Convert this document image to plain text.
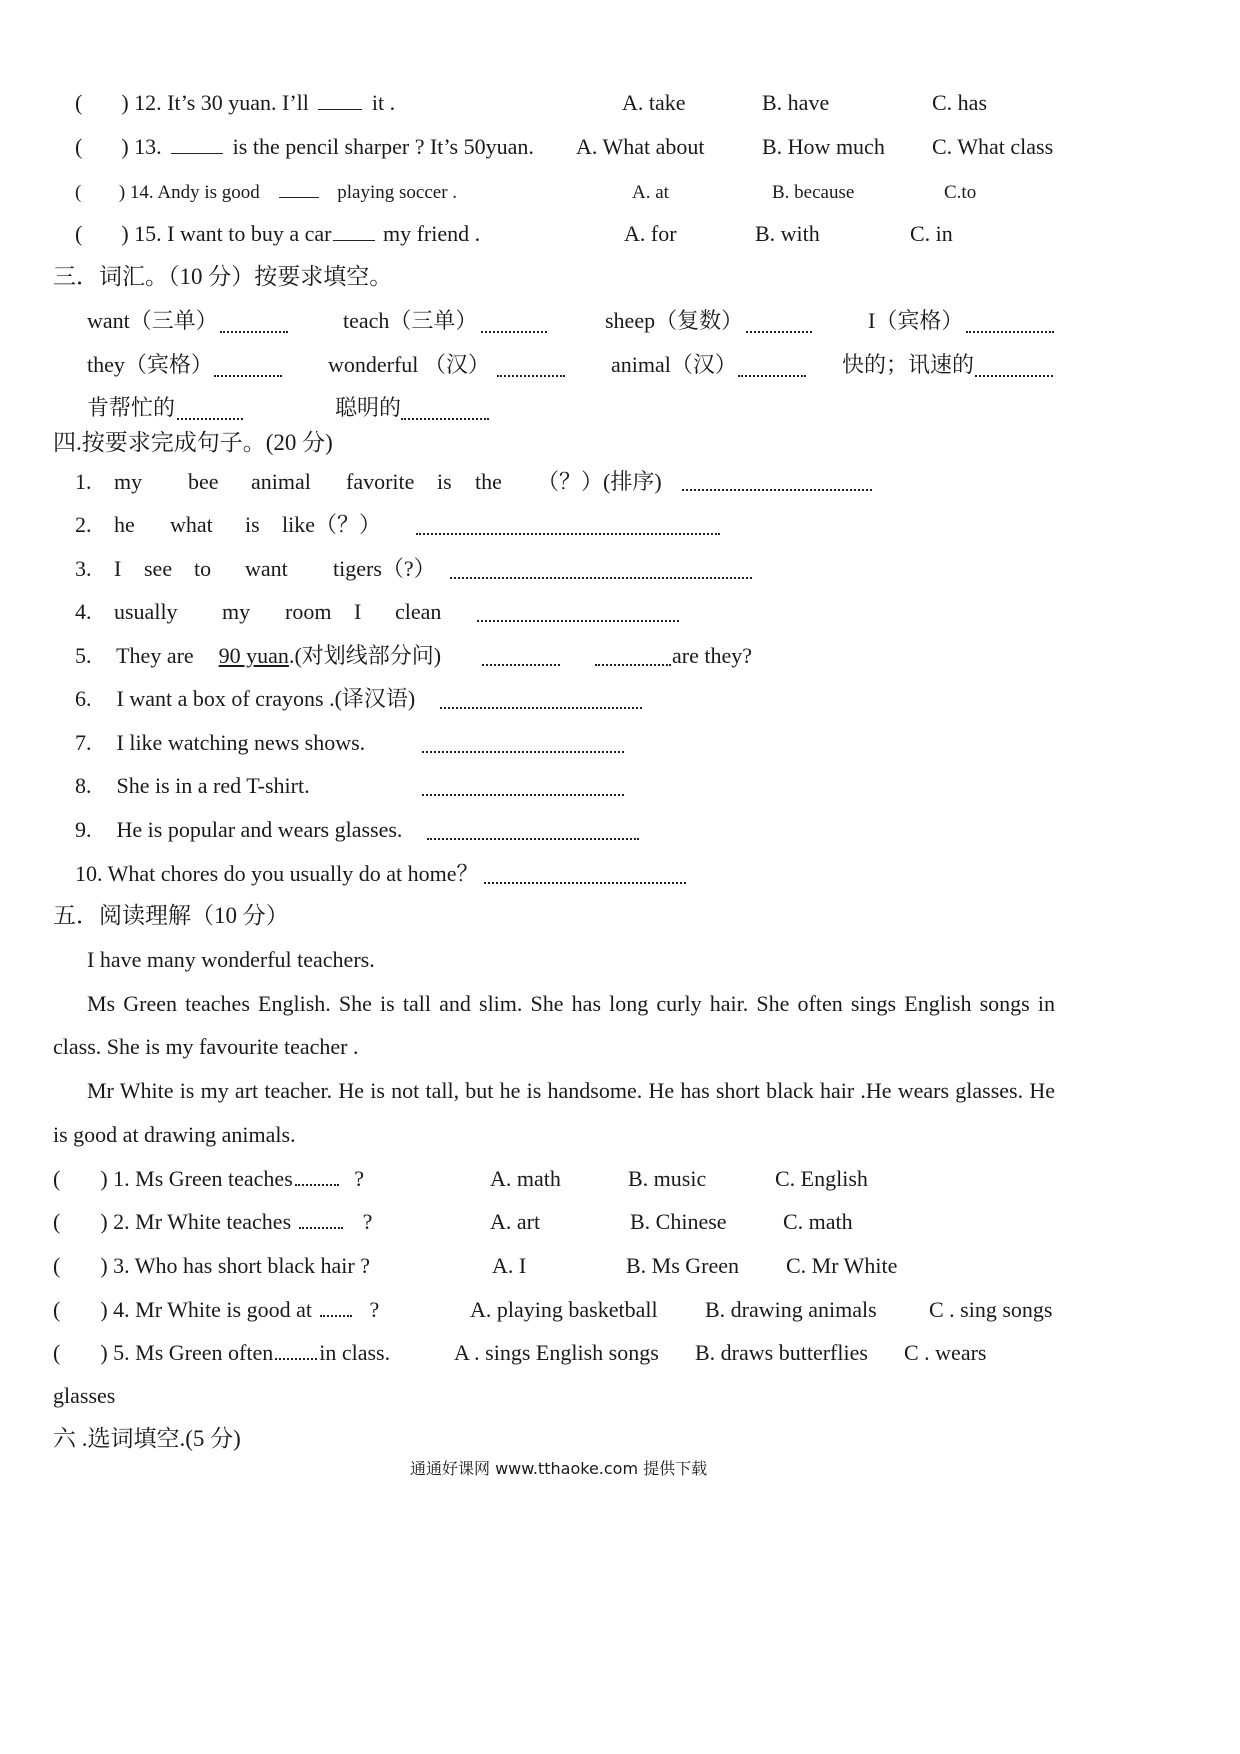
( ) 12. It’s 30 yuan. I’ll	it .	A. take	B. have	C. has
( ) 13.	is the pencil sharper ? It’s 50yuan. A. What about	B. How much C. What class
( ) 14. Andy is good	playing soccer .	A. at	B. because	C.to
( ) 15. I want to buy a car my friend .	A. for	B. with	C. in
三．词汇。（10 分）按要求填空。
want（三单）	teach（三单）	sheep（复数）	I（宾格）
they（宾格）	wonderful （汉）	animal（汉）	快的；讯速的
肯帮忙的	聪明的
四.按要求完成句子。(20 分)
1. my bee animal favorite is the （？）(排序)
2. he what is like（？）
3. I see to want tigers（?）
4. usually my room I clean
5. They are 90 yuan.(对划线部分问)	are they?
6. I want a box of crayons .(译汉语)
7. I like watching news shows.
8. She is in a red T-shirt.
9. He is popular and wears glasses.
10. What chores do you usually do at home？
五．阅读理解（10 分）
I have many wonderful teachers.
Ms Green teaches English. She is tall and slim. She has long curly hair. She often sings English songs in
class. She is my favourite teacher .
Mr White is my art teacher. He is not tall, but he is handsome. He has short black hair .He wears glasses. He
is good at drawing animals.
( ) 1. Ms Green teaches	?	A. math	B. music	C. English
( ) 2. Mr White teaches	?	A. art	B. Chinese	C. math
( ) 3. Who has short black hair ?	A. I	B. Ms Green C. Mr White
( ) 4. Mr White is good at	?	A. playing basketball B. drawing animals C . sing songs
( ) 5. Ms Green often in class.	A . sings English songs B. draws butterflies C . wears
glasses
六 .选词填空.(5 分)
通通好课网 www.tthaoke.com 提供下载
